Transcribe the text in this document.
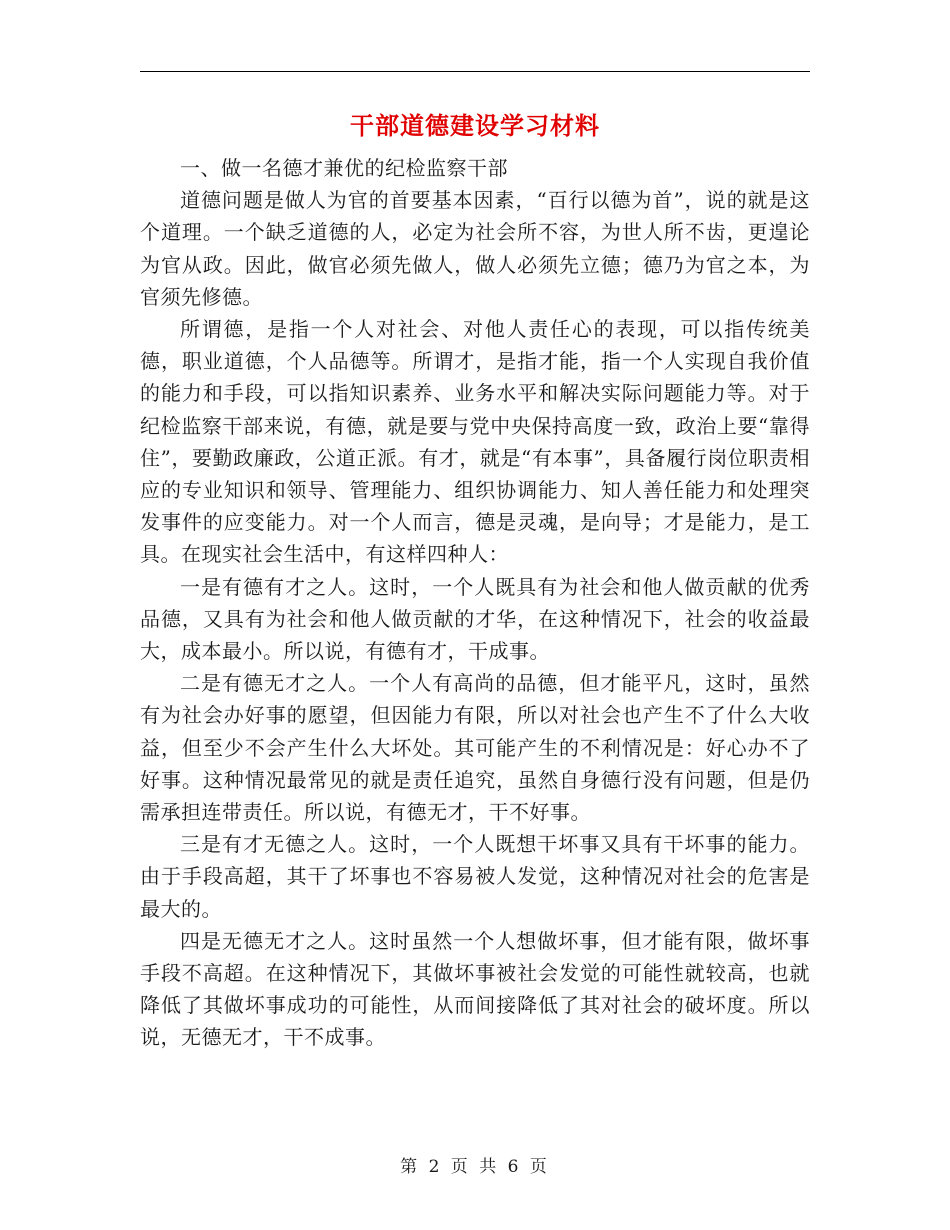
干部道德建设学习材料

一、做一名德才兼优的纪检监察干部

道德问题是做人为官的首要基本因素，“百行以德为首”，说的就是这个道理。一个缺乏道德的人，必定为社会所不容，为世人所不齿，更遑论为官从政。因此，做官必须先做人，做人必须先立德；德乃为官之本，为官须先修德。

所谓德，是指一个人对社会、对他人责任心的表现，可以指传统美德，职业道德，个人品德等。所谓才，是指才能，指一个人实现自我价值的能力和手段，可以指知识素养、业务水平和解决实际问题能力等。对于纪检监察干部来说，有德，就是要与党中央保持高度一致，政治上要“靠得住”，要勤政廉政，公道正派。有才，就是“有本事”，具备履行岗位职责相应的专业知识和领导、管理能力、组织协调能力、知人善任能力和处理突发事件的应变能力。对一个人而言，德是灵魂，是向导；才是能力，是工具。在现实社会生活中，有这样四种人：

一是有德有才之人。这时，一个人既具有为社会和他人做贡献的优秀品德，又具有为社会和他人做贡献的才华，在这种情况下，社会的收益最大，成本最小。所以说，有德有才，干成事。

二是有德无才之人。一个人有高尚的品德，但才能平凡，这时，虽然有为社会办好事的愿望，但因能力有限，所以对社会也产生不了什么大收益，但至少不会产生什么大坏处。其可能产生的不利情况是：好心办不了好事。这种情况最常见的就是责任追究，虽然自身德行没有问题，但是仍需承担连带责任。所以说，有德无才，干不好事。

三是有才无德之人。这时，一个人既想干坏事又具有干坏事的能力。由于手段高超，其干了坏事也不容易被人发觉，这种情况对社会的危害是最大的。

四是无德无才之人。这时虽然一个人想做坏事，但才能有限，做坏事手段不高超。在这种情况下，其做坏事被社会发觉的可能性就较高，也就降低了其做坏事成功的可能性，从而间接降低了其对社会的破坏度。所以说，无德无才，干不成事。

第 2 页 共 6 页
